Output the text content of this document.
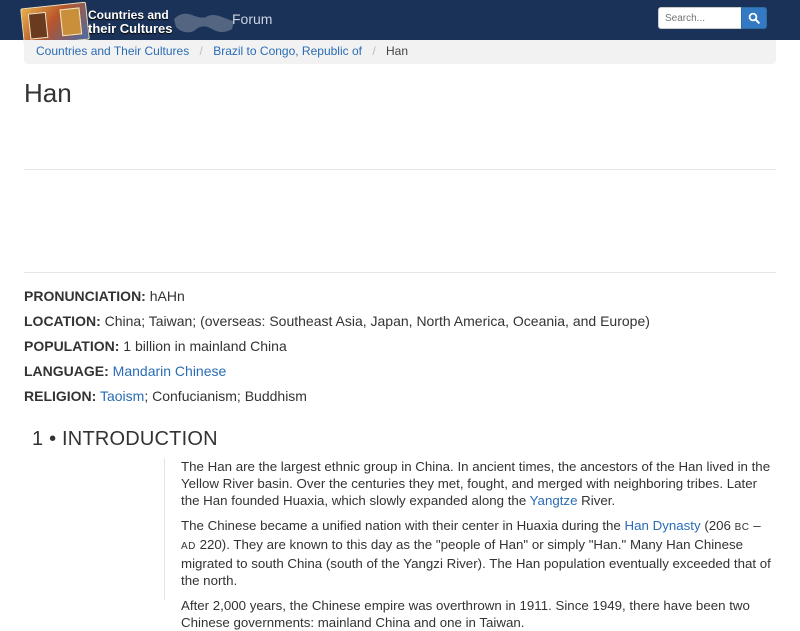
Countries and
their Cultures
Forum
Search...
Countries and Their Cultures / Brazil to Congo, Republic of / Han
Han

PRONUNCIATION: hAHn

LOCATION: China; Taiwan; (overseas: Southeast Asia, Japan, North America, Oceania, and Europe)

POPULATION: 1 billion in mainland China

LANGUAGE: Mandarin Chinese

RELIGION: Taoism; Confucianism; Buddhism

1 • INTRODUCTION

The Han are the largest ethnic group in China. In ancient times, the ancestors of the Han lived in the Yellow River basin. Over the centuries they met, fought, and merged with neighboring tribes. Later the Han founded Huaxia, which slowly expanded along the Yangtze River.

The Chinese became a unified nation with their center in Huaxia during the Han Dynasty (206 BC – AD 220). They are known to this day as the "people of Han" or simply "Han." Many Han Chinese migrated to south China (south of the Yangzi River). The Han population eventually exceeded that of the north.

After 2,000 years, the Chinese empire was overthrown in 1911. Since 1949, there have been two Chinese governments: mainland China and one in Taiwan.
